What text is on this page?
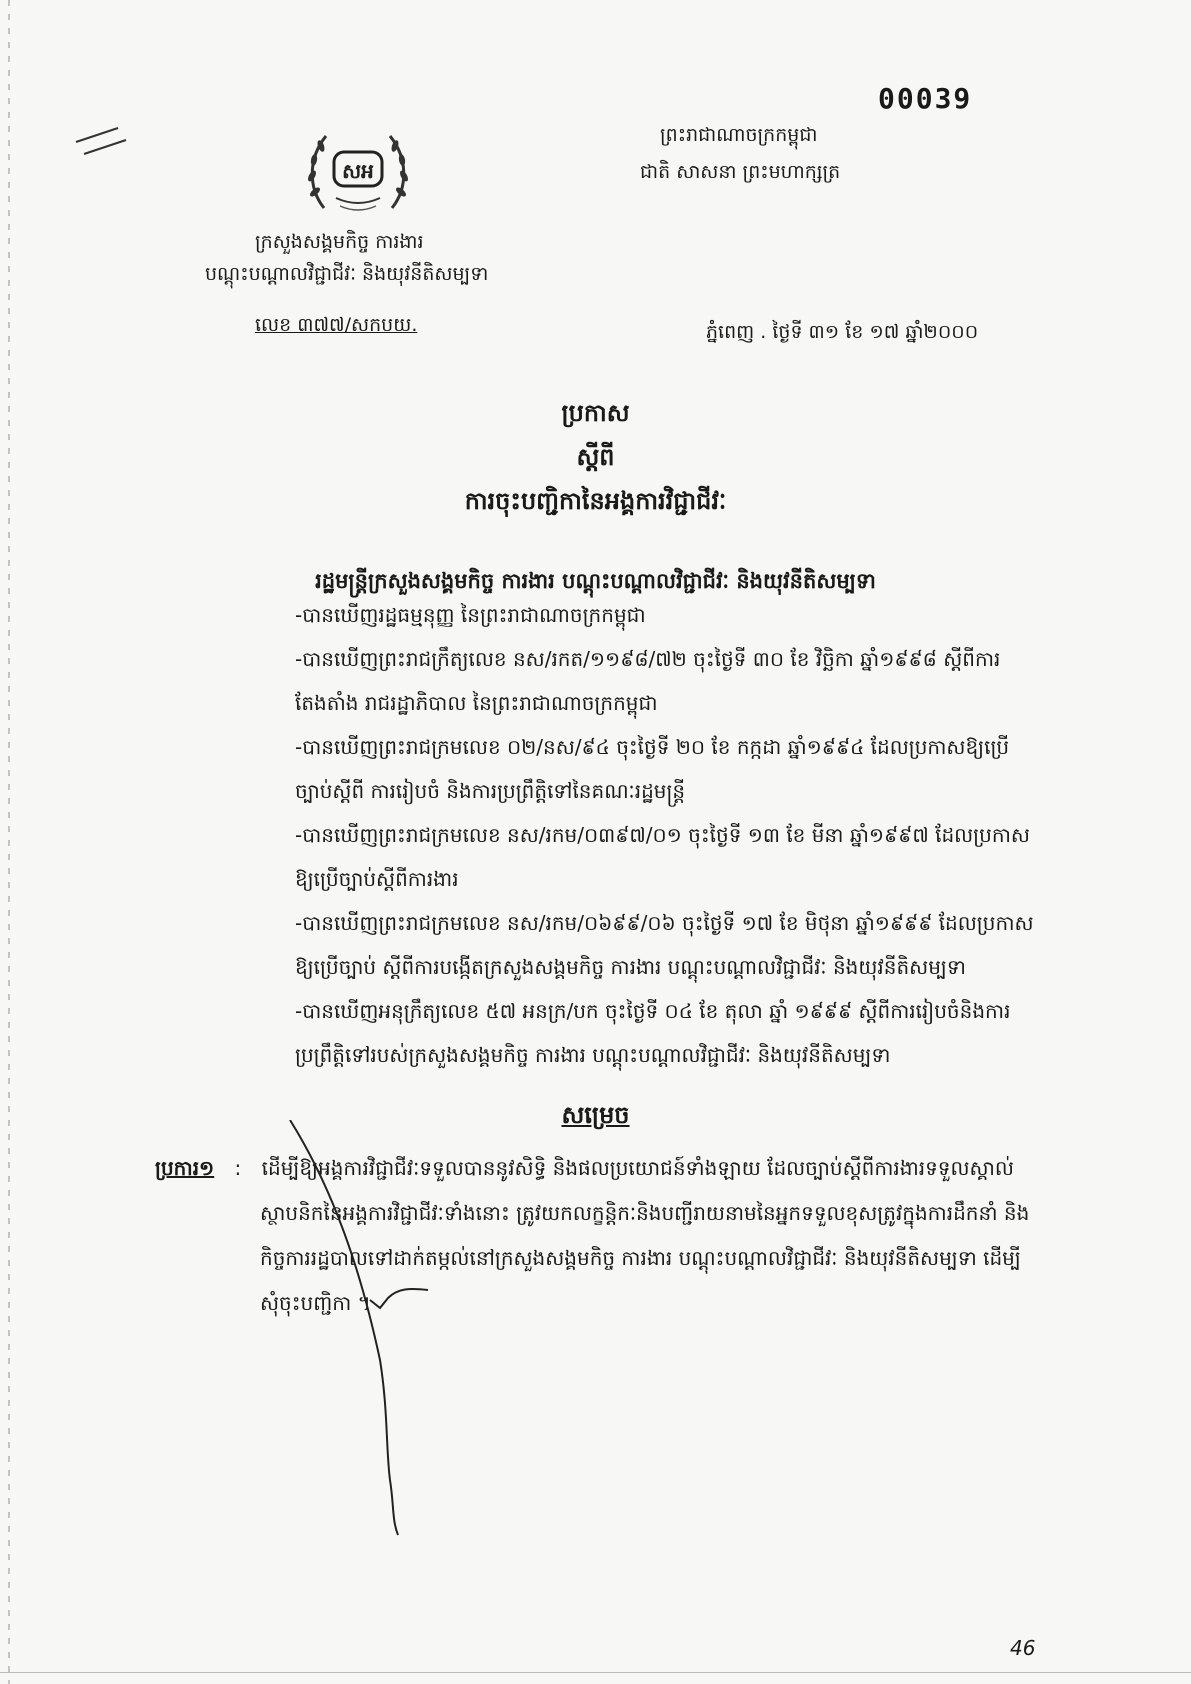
00039
ព្រះរាជាណាចក្រកម្ពុជា
ជាតិ សាសនា ព្រះមហាក្សត្រ
សអ
ក្រសួងសង្គមកិច្ច ការងារ
បណ្តុះបណ្តាលវិជ្ជាជីវៈ និងយុវនីតិសម្បទា
លេខ ៣៧៧/សកបយ.	ភ្នំពេញ . ថ្ងៃទី ៣១ ខែ ១៧ ឆ្នាំ២០០០
ប្រកាស
ស្តីពី
ការចុះបញ្ជិកានៃអង្គការវិជ្ជាជីវៈ
រដ្ឋមន្ត្រីក្រសួងសង្គមកិច្ច ការងារ បណ្តុះបណ្តាលវិជ្ជាជីវៈ និងយុវនីតិសម្បទា
-បានឃើញរដ្ឋធម្មនុញ្ញ នៃព្រះរាជាណាចក្រកម្ពុជា
-បានឃើញព្រះរាជក្រឹត្យលេខ នស/រកត/១១៩៨/៧២ ចុះថ្ងៃទី ៣០ ខែ វិច្ឆិកា ឆ្នាំ១៩៩៨ ស្តីពីការ
តែងតាំង រាជរដ្ឋាភិបាល នៃព្រះរាជាណាចក្រកម្ពុជា
-បានឃើញព្រះរាជក្រមលេខ ០២/នស/៩៤ ចុះថ្ងៃទី ២០ ខែ កក្កដា ឆ្នាំ១៩៩៤ ដែលប្រកាសឱ្យប្រើ
ច្បាប់ស្តីពី ការរៀបចំ និងការប្រព្រឹត្តិទៅនៃគណៈរដ្ឋមន្ត្រី
-បានឃើញព្រះរាជក្រមលេខ នស/រកម/០៣៩៧/០១ ចុះថ្ងៃទី ១៣ ខែ មីនា ឆ្នាំ១៩៩៧ ដែលប្រកាស
ឱ្យប្រើច្បាប់ស្តីពីការងារ
-បានឃើញព្រះរាជក្រមលេខ នស/រកម/០៦៩៩/០៦ ចុះថ្ងៃទី ១៧ ខែ មិថុនា ឆ្នាំ១៩៩៩ ដែលប្រកាស
ឱ្យប្រើច្បាប់ ស្តីពីការបង្កើតក្រសួងសង្គមកិច្ច ការងារ បណ្តុះបណ្តាលវិជ្ជាជីវៈ និងយុវនីតិសម្បទា
-បានឃើញអនុក្រឹត្យលេខ ៥៧ អនក្រ/បក ចុះថ្ងៃទី ០៤ ខែ តុលា ឆ្នាំ ១៩៩៩ ស្តីពីការរៀបចំនិងការ
ប្រព្រឹត្តិទៅរបស់ក្រសួងសង្គមកិច្ច ការងារ បណ្តុះបណ្តាលវិជ្ជាជីវៈ និងយុវនីតិសម្បទា
សម្រេច
ប្រការ១ : ដើម្បីឱ្យអង្គការវិជ្ជាជីវៈទទួលបាននូវសិទ្ធិ និងផលប្រយោជន៍ទាំងឡាយ ដែលច្បាប់ស្តីពីការងារទទួលស្គាល់
ស្ថាបនិកនៃអង្គការវិជ្ជាជីវៈទាំងនោះ ត្រូវយកលក្ខន្តិកៈនិងបញ្ជីរាយនាមនៃអ្នកទទួលខុសត្រូវក្នុងការដឹកនាំ និង
កិច្ចការរដ្ឋបាលទៅដាក់តម្កល់នៅក្រសួងសង្គមកិច្ច ការងារ បណ្តុះបណ្តាលវិជ្ជាជីវៈ និងយុវនីតិសម្បទា ដើម្បី
សុំចុះបញ្ជិកា ។
46
